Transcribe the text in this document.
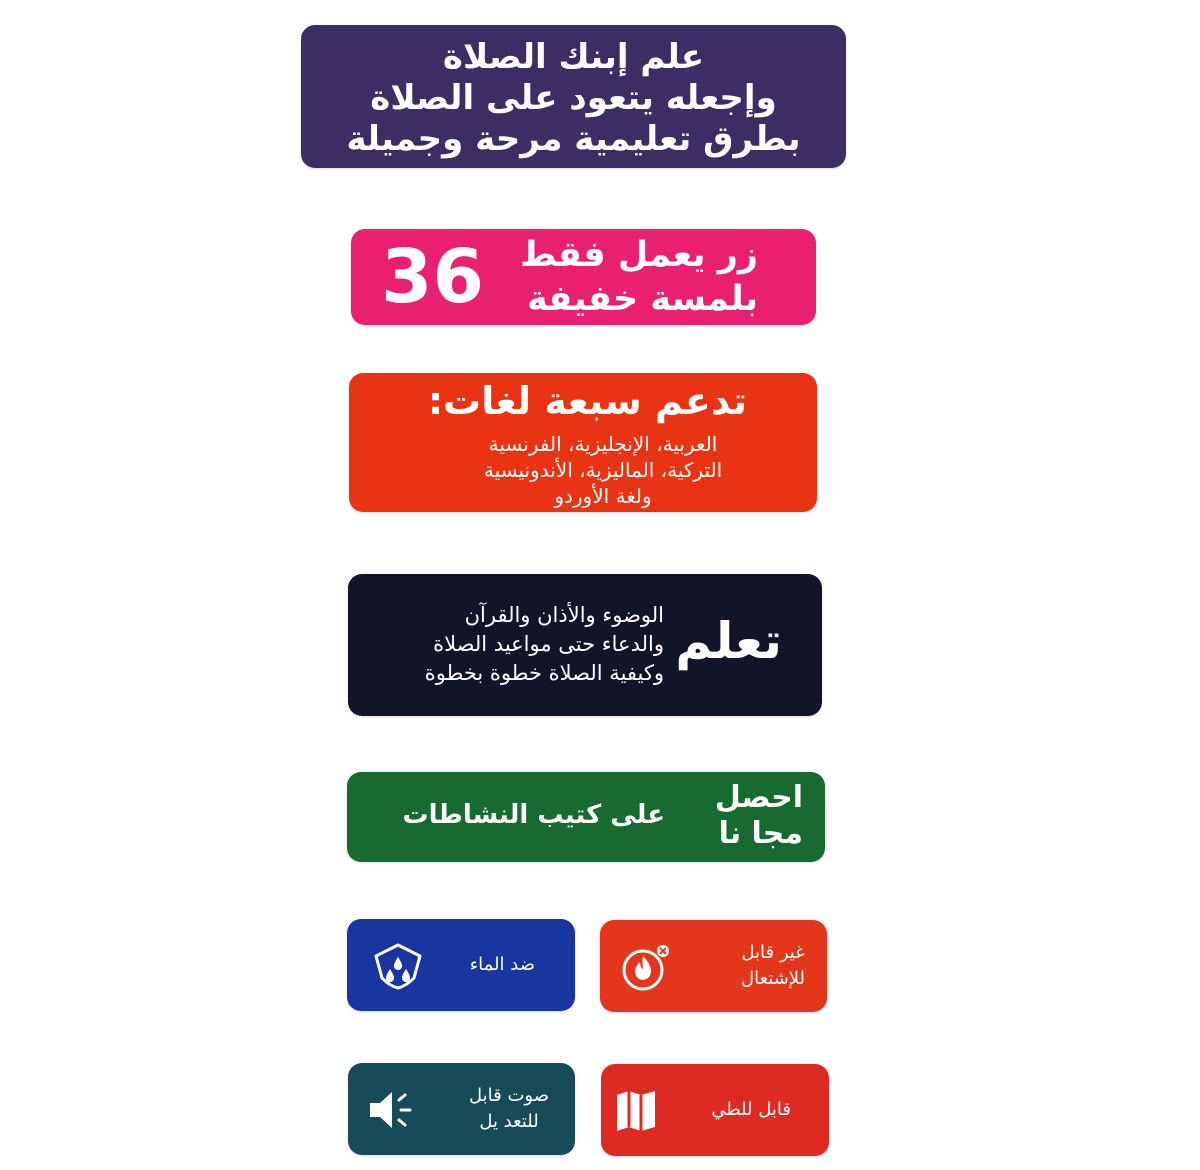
علم إبنك الصلاة
وإجعله يتعود على الصلاة
بطرق تعليمية مرحة وجميلة
36 زر يعمل فقط
بلمسة خفيفة
تدعم سبعة لغات:
العربية، الإنجليزية، الفرنسية
التركية، الماليزية، الأندونيسية
ولغة الأوردو
تعلم
الوضوء والأذان والقرآن
والدعاء حتى مواعيد الصلاة
وكيفية الصلاة خطوة بخطوة
احصل
مجا نا
على كتيب النشاطات
ضد الماء
غير قابل
للإشتعال
صوت قابل
للتعد يل
قابل للطي
